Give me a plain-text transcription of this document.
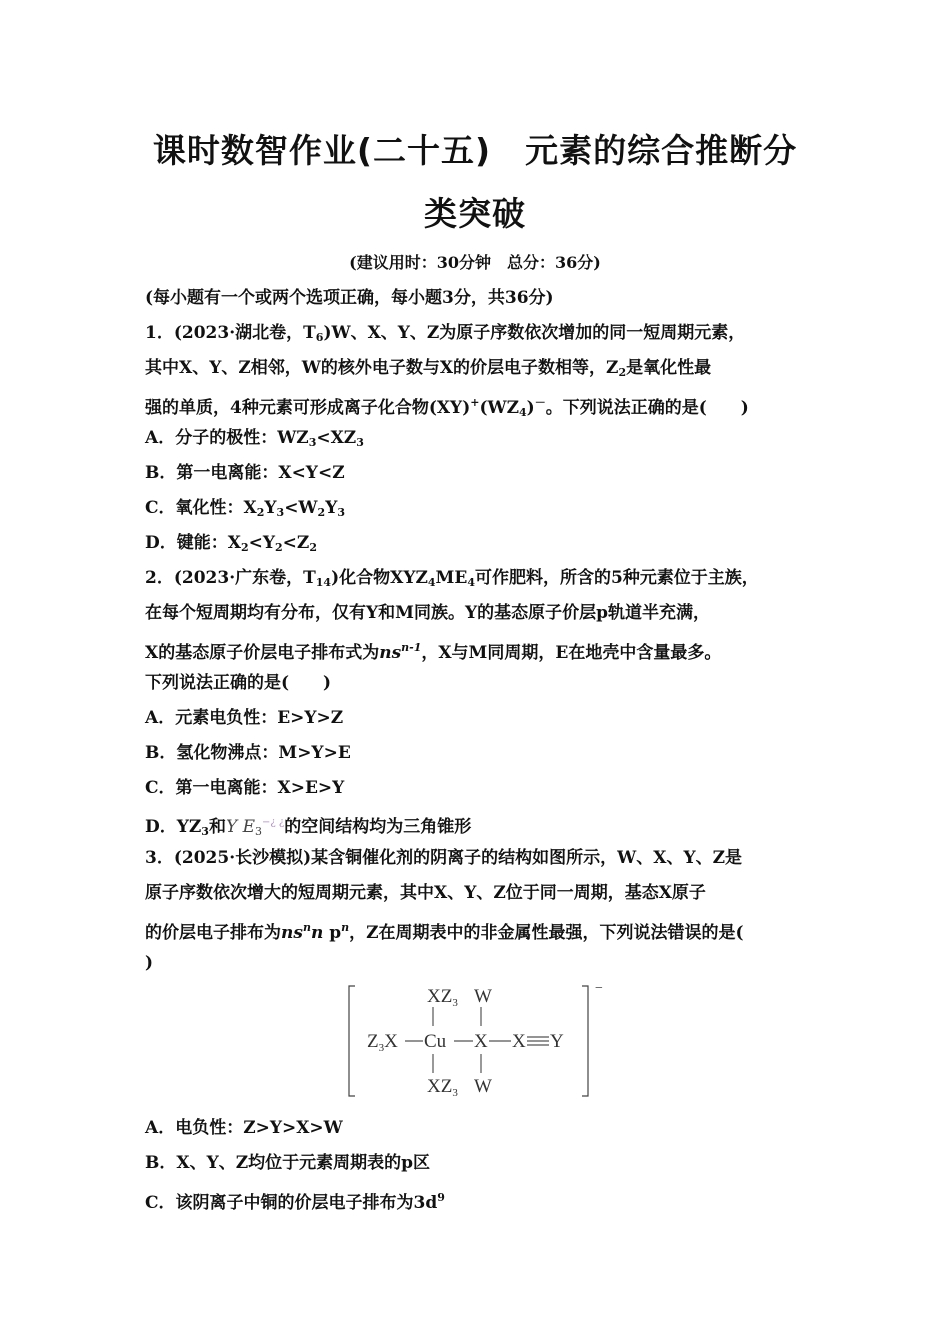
课时数智作业(二十五)　元素的综合推断分
类突破
(建议用时：30分钟　总分：36分)
(每小题有一个或两个选项正确，每小题3分，共36分)
1．(2023·湖北卷，$T_6)W$、X、Y、Z为原子序数依次增加的同一短周期元素，
其中X、Y、Z相邻，W的核外电子数与X的价层电子数相等，$Z_2$是氧化性最
强的单质，4种元素可形成离子化合物$(XY)^+(WZ_4)^-$。下列说法正确的是(　　)
A．分子的极性：$WZ_3<XZ_3$
B．第一电离能：X<Y<Z
C．氧化性：$X_2Y_3<W_2Y_3$
D．键能：$X_2<Y_2<Z_2$
2．(2023·广东卷，$T_{14}$)化合物$XYZ_4ME_4$可作肥料，所含的5种元素位于主族，
在每个短周期均有分布，仅有Y和M同族。Y的基态原子价层p轨道半充满，
X的基态原子价层电子排布式为$ns^{n-1}$，X与M同周期，E在地壳中含量最多。
下列说法正确的是(　　)
A．元素电负性：E>Y>Z
B．氢化物沸点：M>Y>E
C．第一电离能：X>E>Y
D．$YZ_3$和Y $E_3^{-¿ ¿}$的空间结构均为三角锥形
3．(2025·长沙模拟)某含铜催化剂的阴离子的结构如图所示，W、X、Y、Z是
原子序数依次增大的短周期元素，其中X、Y、Z位于同一周期，基态X原子
的价层电子排布为$ns^nn$ $p^n$，Z在周期表中的非金属性最强，下列说法错误的是(
)
−
$XZ_3$ W
$Z_3X$ Cu X X Y
$XZ_3$ W
A．电负性：Z>Y>X>W
B．X、Y、Z均位于元素周期表的p区
C．该阴离子中铜的价层电子排布为$3d^9$
